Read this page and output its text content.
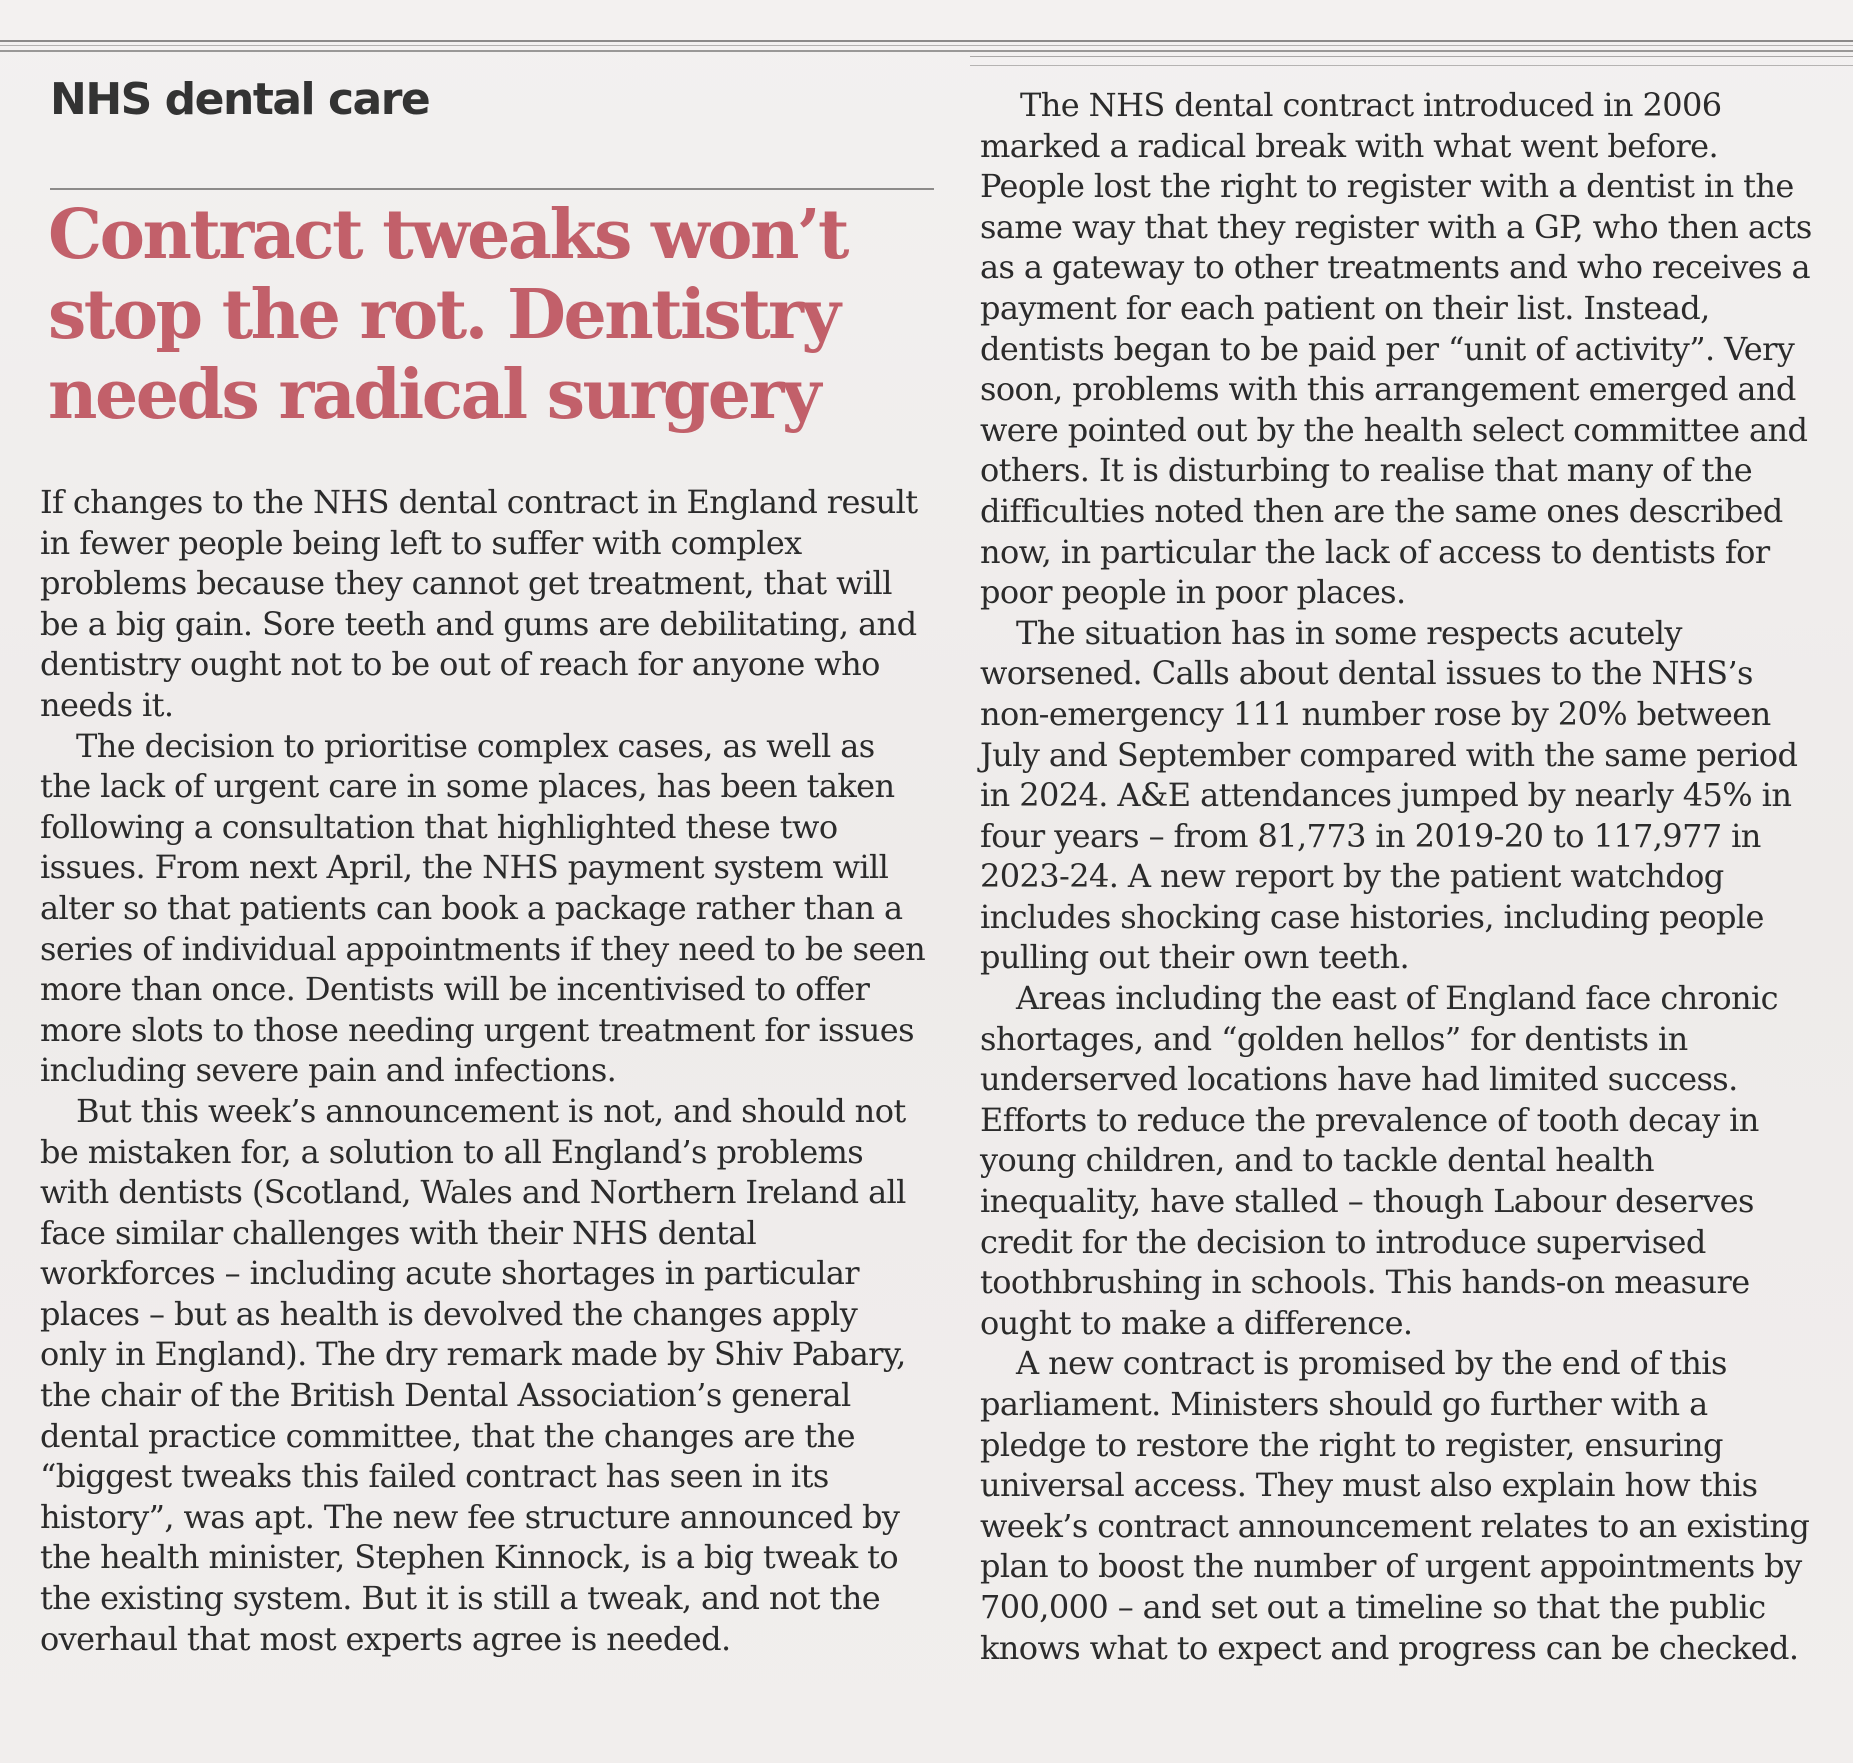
NHS dental care
Contract tweaks won’t stop the rot. Dentistry needs radical surgery

If changes to the NHS dental contract in England result in fewer people being left to suffer with complex problems because they cannot get treatment, that will be a big gain. Sore teeth and gums are debilitating, and dentistry ought not to be out of reach for anyone who needs it.

The decision to prioritise complex cases, as well as the lack of urgent care in some places, has been taken following a consultation that highlighted these two issues. From next April, the NHS payment system will alter so that patients can book a package rather than a series of individual appointments if they need to be seen more than once. Dentists will be incentivised to offer more slots to those needing urgent treatment for issues including severe pain and infections.

But this week’s announcement is not, and should not be mistaken for, a solution to all England’s problems with dentists (Scotland, Wales and Northern Ireland all face similar challenges with their NHS dental workforces – including acute shortages in particular places – but as health is devolved the changes apply only in England). The dry remark made by Shiv Pabary, the chair of the British Dental Association’s general dental practice committee, that the changes are the “biggest tweaks this failed contract has seen in its history”, was apt. The new fee structure announced by the health minister, Stephen Kinnock, is a big tweak to the existing system. But it is still a tweak, and not the overhaul that most experts agree is needed.

The NHS dental contract introduced in 2006 marked a radical break with what went before. People lost the right to register with a dentist in the same way that they register with a GP, who then acts as a gateway to other treatments and who receives a payment for each patient on their list. Instead, dentists began to be paid per “unit of activity”. Very soon, problems with this arrangement emerged and were pointed out by the health select committee and others. It is disturbing to realise that many of the difficulties noted then are the same ones described now, in particular the lack of access to dentists for poor people in poor places.

The situation has in some respects acutely worsened. Calls about dental issues to the NHS’s non-emergency 111 number rose by 20% between July and September compared with the same period in 2024. A&E attendances jumped by nearly 45% in four years – from 81,773 in 2019-20 to 117,977 in 2023-24. A new report by the patient watchdog includes shocking case histories, including people pulling out their own teeth.

Areas including the east of England face chronic shortages, and “golden hellos” for dentists in underserved locations have had limited success. Efforts to reduce the prevalence of tooth decay in young children, and to tackle dental health inequality, have stalled – though Labour deserves credit for the decision to introduce supervised toothbrushing in schools. This hands-on measure ought to make a difference.

A new contract is promised by the end of this parliament. Ministers should go further with a pledge to restore the right to register, ensuring universal access. They must also explain how this week’s contract announcement relates to an existing plan to boost the number of urgent appointments by 700,000 – and set out a timeline so that the public knows what to expect and progress can be checked.
